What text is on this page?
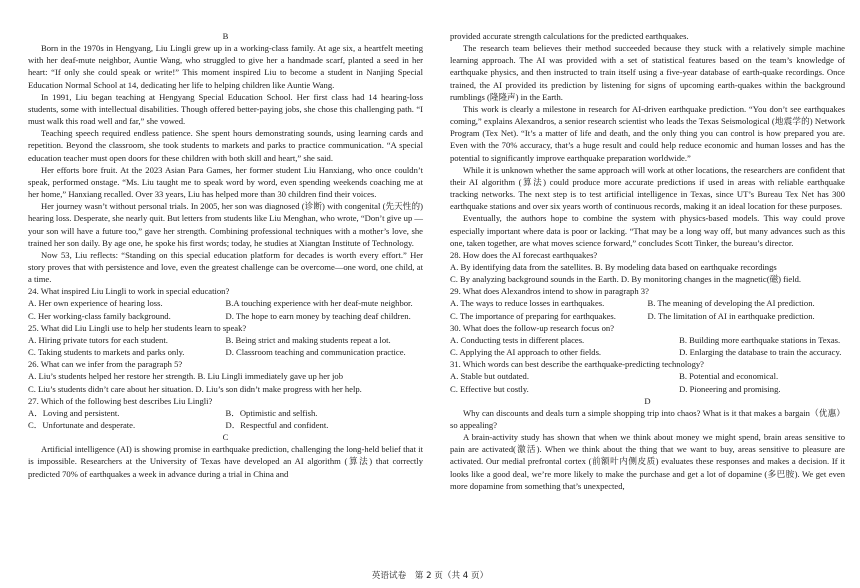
B

Born in the 1970s in Hengyang, Liu Lingli grew up in a working-class family. At age six, a heartfelt meeting with her deaf-mute neighbor, Auntie Wang, who struggled to give her a handmade scarf, planted a seed in her heart: “If only she could speak or write!” This moment inspired Liu to become a student in Nanjing Special Education Normal School at 14, dedicating her life to helping children like Auntie Wang.

In 1991, Liu began teaching at Hengyang Special Education School. Her first class had 14 hearing-loss students, some with intellectual disabilities. Though offered better-paying jobs, she chose this challenging path. “I must walk this road well and far,” she vowed.

Teaching speech required endless patience. She spent hours demonstrating sounds, using learning cards and repetition. Beyond the classroom, she took students to markets and parks to practice communication. “A special education teacher must open doors for these children with both skill and heart,” she said.

Her efforts bore fruit. At the 2023 Asian Para Games, her former student Liu Hanxiang, who once couldn’t speak, performed onstage. “Ms. Liu taught me to speak word by word, even spending weekends coaching me at her home,” Hanxiang recalled. Over 33 years, Liu has helped more than 30 children find their voices.

Her journey wasn’t without personal trials. In 2005, her son was diagnosed (诊断) with congenital (先天性的) hearing loss. Desperate, she nearly quit. But letters from students like Liu Menghan, who wrote, “Don’t give up — your son will have a future too,” gave her strength. Combining professional techniques with a mother’s love, she trained her son daily. By age one, he spoke his first words; today, he studies at Xiangtan Institute of Technology.

Now 53, Liu reflects: “Standing on this special education platform for decades is worth every effort.” Her story proves that with persistence and love, even the greatest challenge can be overcome—one word, one child, at a time.

24. What inspired Liu Lingli to work in special education?

A. Her own experience of hearing loss.	B.A touching experience with her deaf-mute neighbor.
C. Her working-class family background.	D. The hope to earn money by teaching deaf children.

25. What did Liu Lingli use to help her students learn to speak?

A. Hiring private tutors for each student.	B. Being strict and making students repeat a lot.
C. Taking students to markets and parks only.	D. Classroom teaching and communication practice.

26. What can we infer from the paragraph 5?

A. Liu’s students helped her restore her strength. B. Liu Lingli immediately gave up her job

C. Liu’s students didn’t care about her situation. D. Liu’s son didn’t make progress with her help.

27. Which of the following best describes Liu Lingli?

A．Loving and persistent.	B．Optimistic and selfish.
C．Unfortunate and desperate.	D．Respectful and confident.

C

Artificial intelligence (AI) is showing promise in earthquake prediction, challenging the long-held belief that it is impossible. Researchers at the University of Texas have developed an AI algorithm (算法) that correctly predicted 70% of earthquakes a week in advance during a trial in China and

provided accurate strength calculations for the predicted earthquakes.

The research team believes their method succeeded because they stuck with a relatively simple machine learning approach. The AI was provided with a set of statistical features based on the team’s knowledge of earthquake physics, and then instructed to train itself using a five-year database of earth-quake recordings. Once trained, the AI provided its prediction by listening for signs of upcoming earth-quakes within the background rumblings (隆隆声) in the Earth.

This work is clearly a milestone in research for AI-driven earthquake prediction. “You don’t see earthquakes coming,” explains Alexandros, a senior research scientist who leads the Texas Seismological (地震学的) Network Program (Tex Net). “It’s a matter of life and death, and the only thing you can control is how prepared you are. Even with the 70% accuracy, that’s a huge result and could help reduce economic and human losses and has the potential to significantly improve earthquake preparation worldwide.”

While it is unknown whether the same approach will work at other locations, the researchers are confident that their AI algorithm (算法) could produce more accurate predictions if used in areas with reliable earthquake tracking networks. The next step is to test artificial intelligence in Texas, since UT’s Bureau Tex Net has 300 earthquake stations and over six years worth of continuous records, making it an ideal location for these purposes.

Eventually, the authors hope to combine the system with physics-based models. This way could prove especially important where data is poor or lacking. “That may be a long way off, but many advances such as this one, taken together, are what moves science forward,” concludes Scott Tinker, the bureau’s director.

28. How does the AI forecast earthquakes?

A. By identifying data from the satellites. B. By modeling data based on earthquake recordings

C. By analyzing background sounds in the Earth. D. By monitoring changes in the magnetic(磁) field.

29. What does Alexandros intend to show in paragraph 3?

A. The ways to reduce losses in earthquakes.	B. The meaning of developing the AI prediction.
C. The importance of preparing for earthquakes.	D. The limitation of AI in earthquake prediction.

30. What does the follow-up research focus on?

A. Conducting tests in different places.	B. Building more earthquake stations in Texas.
C. Applying the AI approach to other fields.	D. Enlarging the database to train the accuracy.

31. Which words can best describe the earthquake-predicting technology?

A. Stable but outdated.	B. Potential and economical.
C. Effective but costly.	D. Pioneering and promising.

D

Why can discounts and deals turn a simple shopping trip into chaos? What is it that makes a bargain（优惠）so appealing?

A brain-activity study has shown that when we think about money we might spend, brain areas sensitive to pain are activated(激活). When we think about the thing that we want to buy, areas sensitive to pleasure are activated. Our medial prefrontal cortex (前额叶内侧皮质) evaluates these responses and makes a decision. If it looks like a good deal, we’re more likely to make the purchase and get a lot of dopamine (多巴胺). We get even more dopamine from something that’s unexpected,

英语试卷　第 2 页（共 4 页）
